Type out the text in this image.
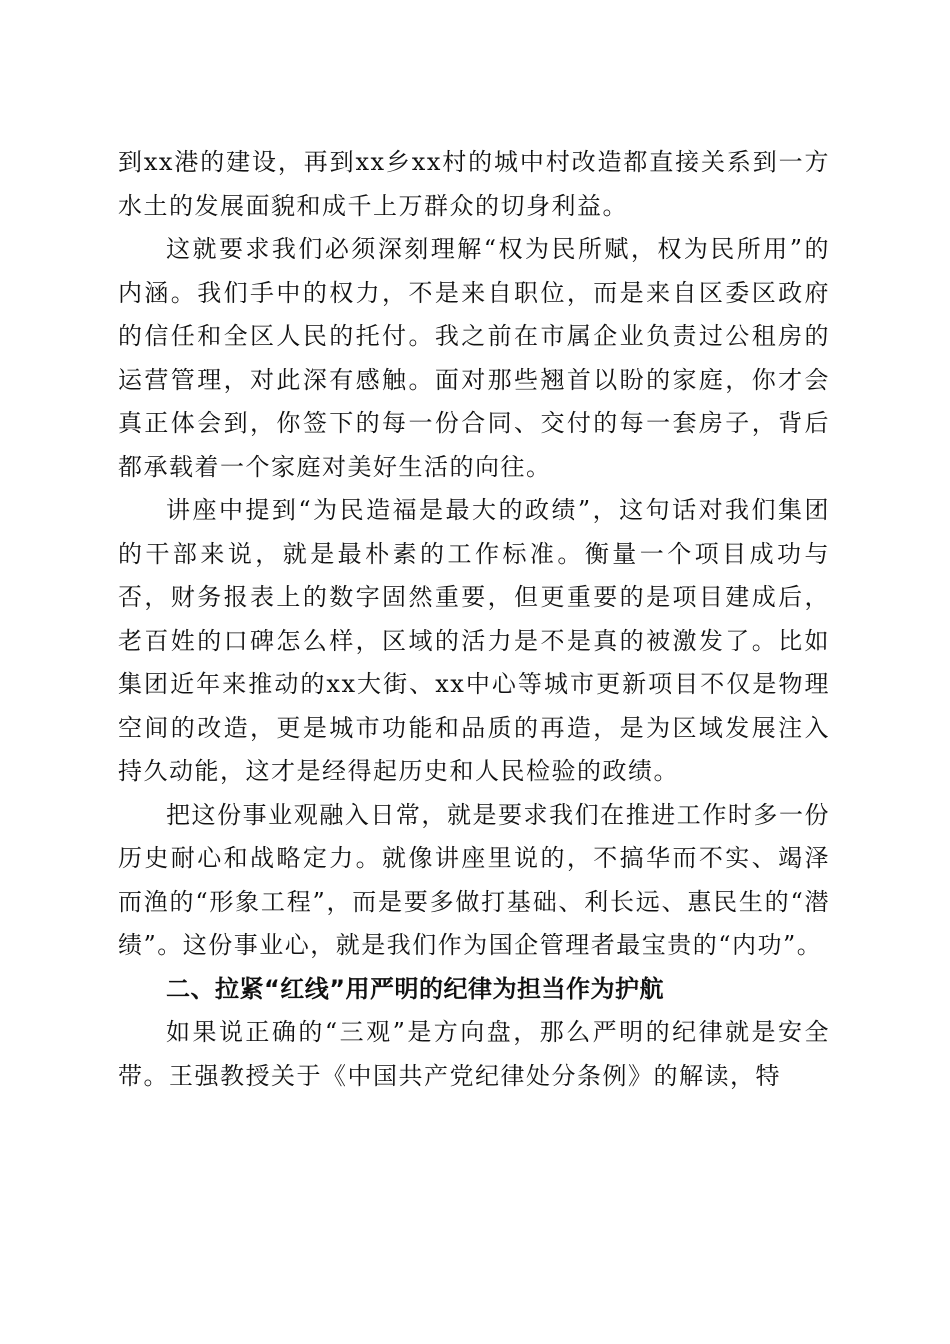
到xx港的建设，再到xx乡xx村的城中村改造都直接关系到一方水土的发展面貌和成千上万群众的切身利益。

这就要求我们必须深刻理解“权为民所赋，权为民所用”的内涵。我们手中的权力，不是来自职位，而是来自区委区政府的信任和全区人民的托付。我之前在市属企业负责过公租房的运营管理，对此深有感触。面对那些翘首以盼的家庭，你才会真正体会到，你签下的每一份合同、交付的每一套房子，背后都承载着一个家庭对美好生活的向往。

讲座中提到“为民造福是最大的政绩”，这句话对我们集团的干部来说，就是最朴素的工作标准。衡量一个项目成功与否，财务报表上的数字固然重要，但更重要的是项目建成后，老百姓的口碑怎么样，区域的活力是不是真的被激发了。比如集团近年来推动的xx大街、xx中心等城市更新项目不仅是物理空间的改造，更是城市功能和品质的再造，是为区域发展注入持久动能，这才是经得起历史和人民检验的政绩。

把这份事业观融入日常，就是要求我们在推进工作时多一份历史耐心和战略定力。就像讲座里说的，不搞华而不实、竭泽而渔的“形象工程”，而是要多做打基础、利长远、惠民生的“潜绩”。这份事业心，就是我们作为国企管理者最宝贵的“内功”。

二、拉紧“红线”用严明的纪律为担当作为护航

如果说正确的“三观”是方向盘，那么严明的纪律就是安全带。王强教授关于《中国共产党纪律处分条例》的解读，特
